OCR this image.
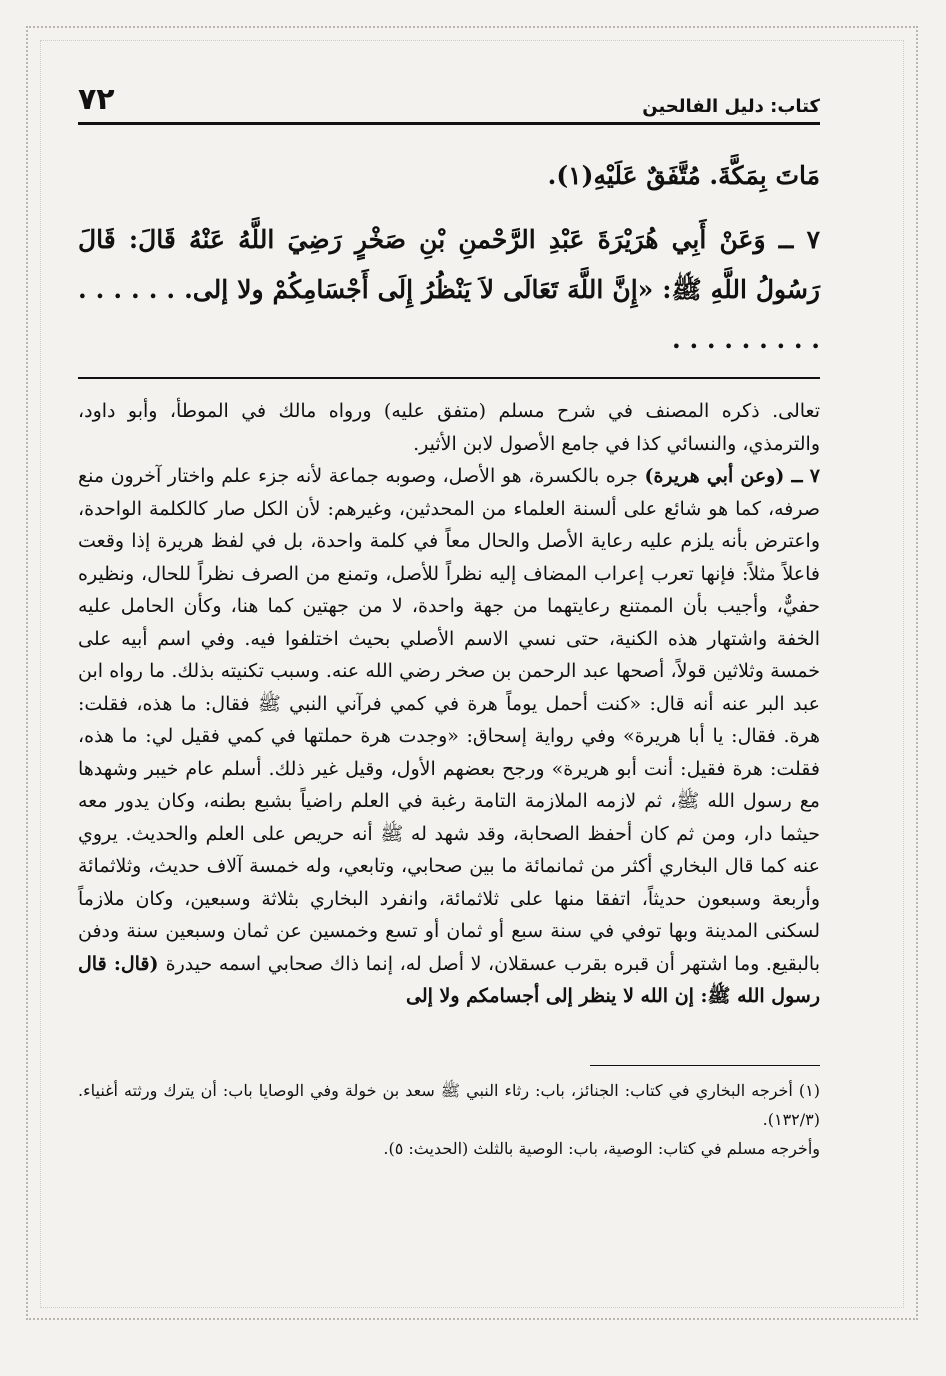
كتاب: دليل الفالحين
٧٢

مَاتَ بِمَكَّةَ. مُتَّفَقٌ عَلَيْهِ(١).

٧ ــ وَعَنْ أَبِي هُرَيْرَةَ عَبْدِ الرَّحْمنِ بْنِ صَخْرٍ رَضِيَ اللَّهُ عَنْهُ قَالَ: قَالَ رَسُولُ اللَّهِ ﷺ: «إِنَّ اللَّهَ تَعَالَى لاَ يَنْظُرُ إِلَى أَجْسَامِكُمْ ولا إلى. . . . . . . . . . . . . . . .

تعالى. ذكره المصنف في شرح مسلم (متفق عليه) ورواه مالك في الموطأ، وأبو داود، والترمذي، والنسائي كذا في جامع الأصول لابن الأثير.

٧ ــ (وعن أبي هريرة) جره بالكسرة، هو الأصل، وصوبه جماعة لأنه جزء علم واختار آخرون منع صرفه، كما هو شائع على ألسنة العلماء من المحدثين، وغيرهم: لأن الكل صار كالكلمة الواحدة، واعترض بأنه يلزم عليه رعاية الأصل والحال معاً في كلمة واحدة، بل في لفظ هريرة إذا وقعت فاعلاً مثلاً: فإنها تعرب إعراب المضاف إليه نظراً للأصل، وتمنع من الصرف نظراً للحال، ونظيره حفيٌّ، وأجيب بأن الممتنع رعايتهما من جهة واحدة، لا من جهتين كما هنا، وكأن الحامل عليه الخفة واشتهار هذه الكنية، حتى نسي الاسم الأصلي بحيث اختلفوا فيه. وفي اسم أبيه على خمسة وثلاثين قولاً، أصحها عبد الرحمن بن صخر رضي الله عنه. وسبب تكنيته بذلك. ما رواه ابن عبد البر عنه أنه قال: «كنت أحمل يوماً هرة في كمي فرآني النبي ﷺ فقال: ما هذه، فقلت: هرة. فقال: يا أبا هريرة» وفي رواية إسحاق: «وجدت هرة حملتها في كمي فقيل لي: ما هذه، فقلت: هرة فقيل: أنت أبو هريرة» ورجح بعضهم الأول، وقيل غير ذلك. أسلم عام خيبر وشهدها مع رسول الله ﷺ، ثم لازمه الملازمة التامة رغبة في العلم راضياً بشبع بطنه، وكان يدور معه حيثما دار، ومن ثم كان أحفظ الصحابة، وقد شهد له ﷺ أنه حريص على العلم والحديث. يروي عنه كما قال البخاري أكثر من ثمانمائة ما بين صحابي، وتابعي، وله خمسة آلاف حديث، وثلاثمائة وأربعة وسبعون حديثاً، اتفقا منها على ثلاثمائة، وانفرد البخاري بثلاثة وسبعين، وكان ملازماً لسكنى المدينة وبها توفي في سنة سبع أو ثمان أو تسع وخمسين عن ثمان وسبعين سنة ودفن بالبقيع. وما اشتهر أن قبره بقرب عسقلان، لا أصل له، إنما ذاك صحابي اسمه حيدرة (قال: قال رسول الله ﷺ: إن الله لا ينظر إلى أجسامكم ولا إلى

(١) أخرجه البخاري في كتاب: الجنائز، باب: رثاء النبي ﷺ سعد بن خولة وفي الوصايا باب: أن يترك ورثته أغنياء. (١٣٢/٣).

وأخرجه مسلم في كتاب: الوصية، باب: الوصية بالثلث (الحديث: ٥).
